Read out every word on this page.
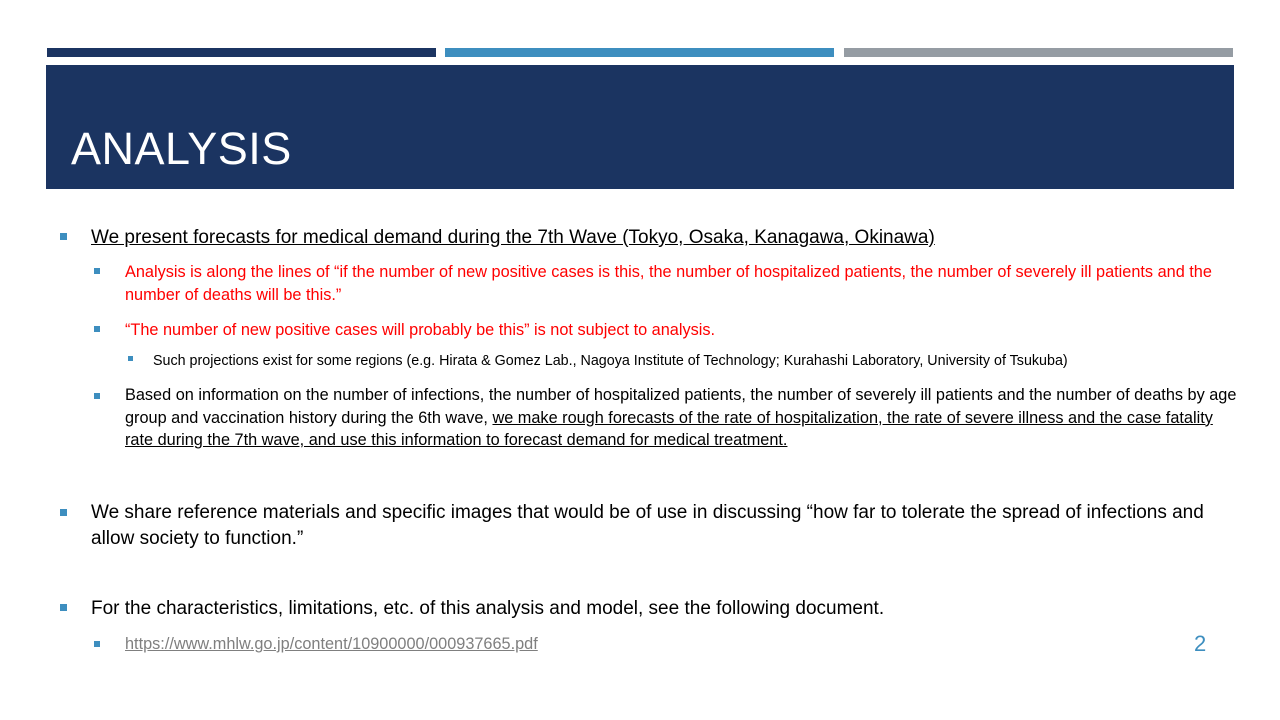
ANALYSIS
We present forecasts for medical demand during the 7th Wave (Tokyo, Osaka, Kanagawa, Okinawa)
Analysis is along the lines of “if the number of new positive cases is this, the number of hospitalized patients, the number of severely ill patients and the number of deaths will be this.”
“The number of new positive cases will probably be this” is not subject to analysis.
Such projections exist for some regions (e.g. Hirata & Gomez Lab., Nagoya Institute of Technology; Kurahashi Laboratory, University of Tsukuba)
Based on information on the number of infections, the number of hospitalized patients, the number of severely ill patients and the number of deaths by age group and vaccination history during the 6th wave, we make rough forecasts of the rate of hospitalization, the rate of severe illness and the case fatality rate during the 7th wave, and use this information to forecast demand for medical treatment.
We share reference materials and specific images that would be of use in discussing “how far to tolerate the spread of infections and allow society to function.”
For the characteristics, limitations, etc. of this analysis and model, see the following document.
https://www.mhlw.go.jp/content/10900000/000937665.pdf	2
